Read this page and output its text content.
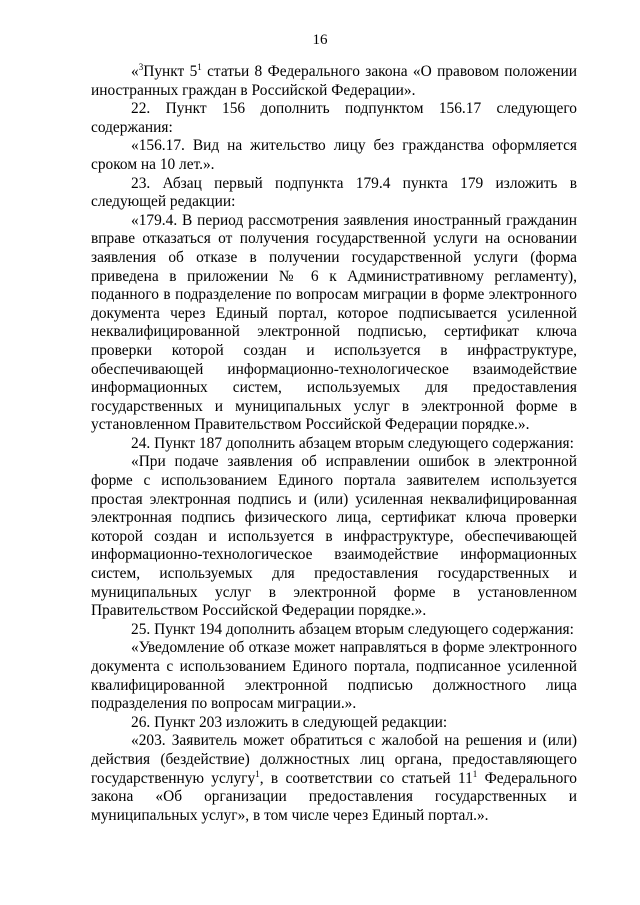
16

«$^3$Пункт $5^1$ статьи 8 Федерального закона «О правовом положении иностранных граждан в Российской Федерации».

22. Пункт 156 дополнить подпунктом 156.17 следующего содержания:

«156.17. Вид на жительство лицу без гражданства оформляется сроком на 10 лет.».

23. Абзац первый подпункта 179.4 пункта 179 изложить в следующей редакции:

«179.4. В период рассмотрения заявления иностранный гражданин вправе отказаться от получения государственной услуги на основании заявления об отказе в получении государственной услуги (форма приведена в приложении № 6 к Административному регламенту), поданного в подразделение по вопросам миграции в форме электронного документа через Единый портал, которое подписывается усиленной неквалифицированной электронной подписью, сертификат ключа проверки которой создан и используется в инфраструктуре, обеспечивающей информационно-технологическое взаимодействие информационных систем, используемых для предоставления государственных и муниципальных услуг в электронной форме в установленном Правительством Российской Федерации порядке.».

24. Пункт 187 дополнить абзацем вторым следующего содержания:

«При подаче заявления об исправлении ошибок в электронной форме с использованием Единого портала заявителем используется простая электронная подпись и (или) усиленная неквалифицированная электронная подпись физического лица, сертификат ключа проверки которой создан и используется в инфраструктуре, обеспечивающей информационно-технологическое взаимодействие информационных систем, используемых для предоставления государственных и муниципальных услуг в электронной форме в установленном Правительством Российской Федерации порядке.».

25. Пункт 194 дополнить абзацем вторым следующего содержания:

«Уведомление об отказе может направляться в форме электронного документа с использованием Единого портала, подписанное усиленной квалифицированной электронной подписью должностного лица подразделения по вопросам миграции.».

26. Пункт 203 изложить в следующей редакции:

«203. Заявитель может обратиться с жалобой на решения и (или) действия (бездействие) должностных лиц органа, предоставляющего государственную услугу$^1$, в соответствии со статьей $11^1$ Федерального закона «Об организации предоставления государственных и муниципальных услуг», в том числе через Единый портал.».
